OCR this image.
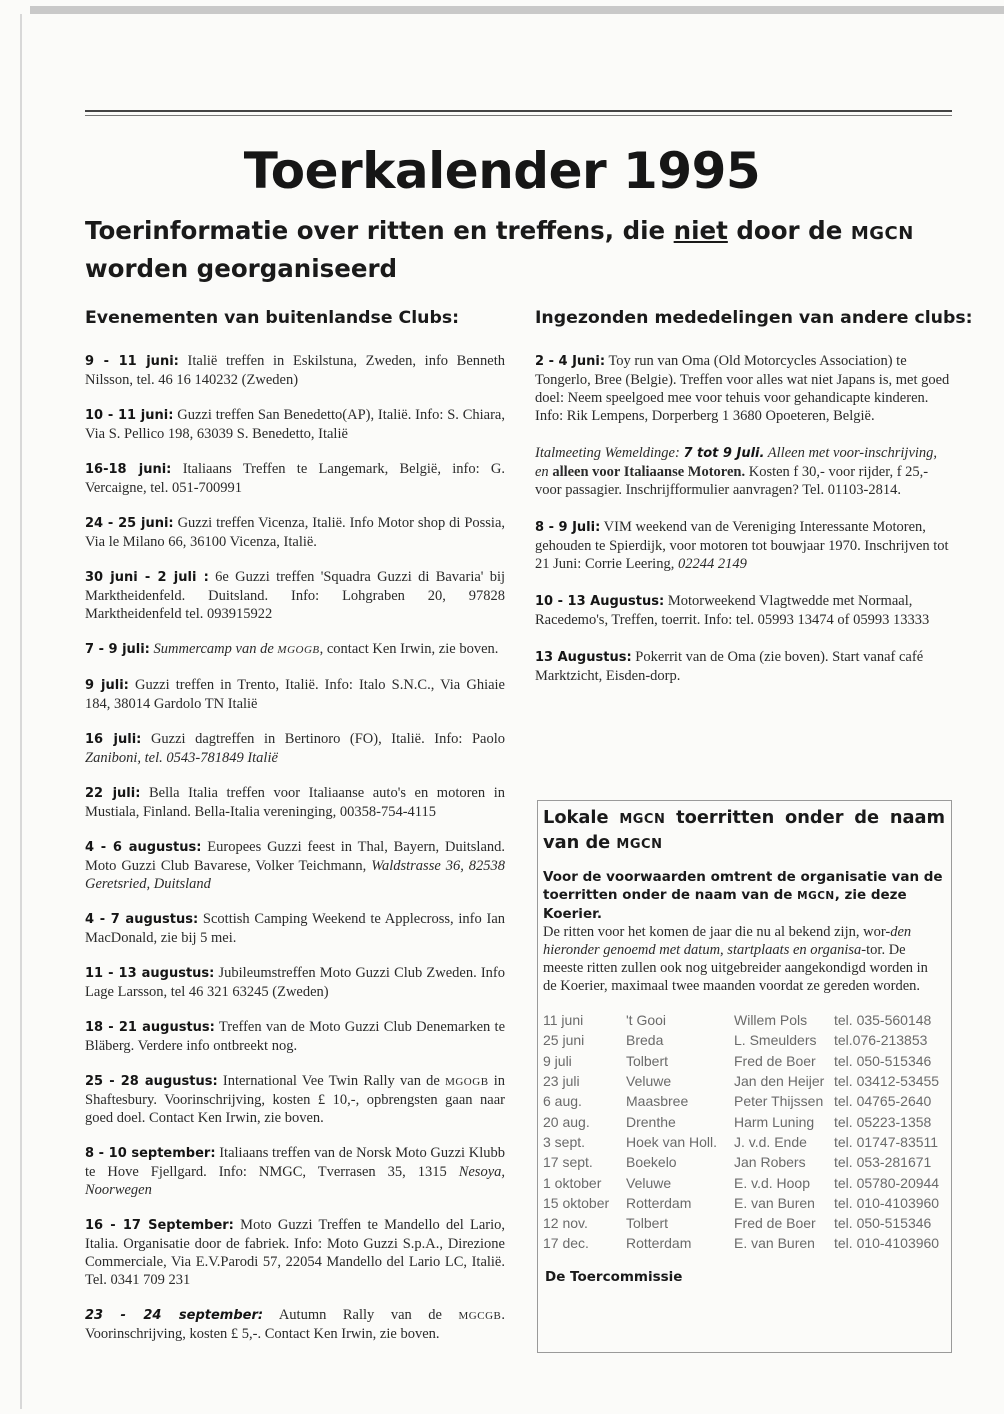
Toerkalender 1995
Toerinformatie over ritten en treffens, die niet door de MGCN worden georganiseerd
Evenementen van buitenlandse Clubs:

9 - 11 juni: Italië treffen in Eskilstuna, Zweden, info Benneth Nilsson, tel. 46 16 140232 (Zweden)

10 - 11 juni: Guzzi treffen San Benedetto(AP), Italië. Info: S. Chiara, Via S. Pellico 198, 63039 S. Benedetto, Italië

16-18 juni: Italiaans Treffen te Langemark, België, info: G. Vercaigne, tel. 051-700991

24 - 25 juni: Guzzi treffen Vicenza, Italië. Info Motor shop di Possia, Via le Milano 66, 36100 Vicenza, Italië.

30 juni - 2 juli : 6e Guzzi treffen 'Squadra Guzzi di Bavaria' bij Marktheidenfeld. Duitsland. Info: Lohgraben 20, 97828 Marktheidenfeld tel. 093915922

7 - 9 juli: Summercamp van de MGOGB, contact Ken Irwin, zie boven.

9 juli: Guzzi treffen in Trento, Italië. Info: Italo S.N.C., Via Ghiaie 184, 38014 Gardolo TN Italië

16 juli: Guzzi dagtreffen in Bertinoro (FO), Italië. Info: Paolo Zaniboni, tel. 0543-781849 Italië

22 juli: Bella Italia treffen voor Italiaanse auto's en motoren in Mustiala, Finland. Bella-Italia vereninging, 00358-754-4115

4 - 6 augustus: Europees Guzzi feest in Thal, Bayern, Duitsland. Moto Guzzi Club Bavarese, Volker Teichmann, Waldstrasse 36, 82538 Geretsried, Duitsland

4 - 7 augustus: Scottish Camping Weekend te Applecross, info Ian MacDonald, zie bij 5 mei.

11 - 13 augustus: Jubileumstreffen Moto Guzzi Club Zweden. Info Lage Larsson, tel 46 321 63245 (Zweden)

18 - 21 augustus: Treffen van de Moto Guzzi Club Denemarken te Bläberg. Verdere info ontbreekt nog.

25 - 28 augustus: International Vee Twin Rally van de MGOGB in Shaftesbury. Voorinschrijving, kosten £ 10,-, opbrengsten gaan naar goed doel. Contact Ken Irwin, zie boven.

8 - 10 september: Italiaans treffen van de Norsk Moto Guzzi Klubb te Hove Fjellgard. Info: NMGC, Tverrasen 35, 1315 Nesoya, Noorwegen

16 - 17 September: Moto Guzzi Treffen te Mandello del Lario, Italia. Organisatie door de fabriek. Info: Moto Guzzi S.p.A., Direzione Commerciale, Via E.V.Parodi 57, 22054 Mandello del Lario LC, Italië. Tel. 0341 709 231

23 - 24 september: Autumn Rally van de MGCGB. Voorinschrijving, kosten £ 5,-. Contact Ken Irwin, zie boven.

Ingezonden mededelingen van andere clubs:

2 - 4 Juni: Toy run van Oma (Old Motorcycles Association) te Tongerlo, Bree (Belgie). Treffen voor alles wat niet Japans is, met goed doel: Neem speelgoed mee voor tehuis voor gehandicapte kinderen. Info: Rik Lempens, Dorperberg 1 3680 Opoeteren, België.

Italmeeting Wemeldinge: 7 tot 9 Juli. Alleen met voor-inschrijving, en alleen voor Italiaanse Motoren. Kosten f 30,- voor rijder, f 25,- voor passagier. Inschrijfformulier aanvragen? Tel. 01103-2814.

8 - 9 Juli: VIM weekend van de Vereniging Interessante Motoren, gehouden te Spierdijk, voor motoren tot bouwjaar 1970. Inschrijven tot 21 Juni: Corrie Leering, 02244 2149

10 - 13 Augustus: Motorweekend Vlagtwedde met Normaal, Racedemo's, Treffen, toerrit. Info: tel. 05993 13474 of 05993 13333

13 Augustus: Pokerrit van de Oma (zie boven). Start vanaf café Marktzicht, Eisden-dorp.

Lokale MGCN toerritten onder de naam van de MGCN

Voor de voorwaarden omtrent de organisatie van de toerritten onder de naam van de MGCN, zie deze Koerier.

De ritten voor het komen de jaar die nu al bekend zijn, wor-den hieronder genoemd met datum, startplaats en organisa-tor. De meeste ritten zullen ook nog uitgebreider aangekondigd worden in de Koerier, maximaal twee maanden voordat ze gereden worden.

11 juni	't Gooi	Willem Pols	tel. 035-560148
25 juni	Breda	L. Smeulders	tel.076-213853
9 juli	Tolbert	Fred de Boer	tel. 050-515346
23 juli	Veluwe	Jan den Heijer	tel. 03412-53455
6 aug.	Maasbree	Peter Thijssen	tel. 04765-2640
20 aug.	Drenthe	Harm Luning	tel. 05223-1358
3 sept.	Hoek van Holl.	J. v.d. Ende	tel. 01747-83511
17 sept.	Boekelo	Jan Robers	tel. 053-281671
1 oktober	Veluwe	E. v.d. Hoop	tel. 05780-20944
15 oktober	Rotterdam	E. van Buren	tel. 010-4103960
12 nov.	Tolbert	Fred de Boer	tel. 050-515346
17 dec.	Rotterdam	E. van Buren	tel. 010-4103960

De Toercommissie
